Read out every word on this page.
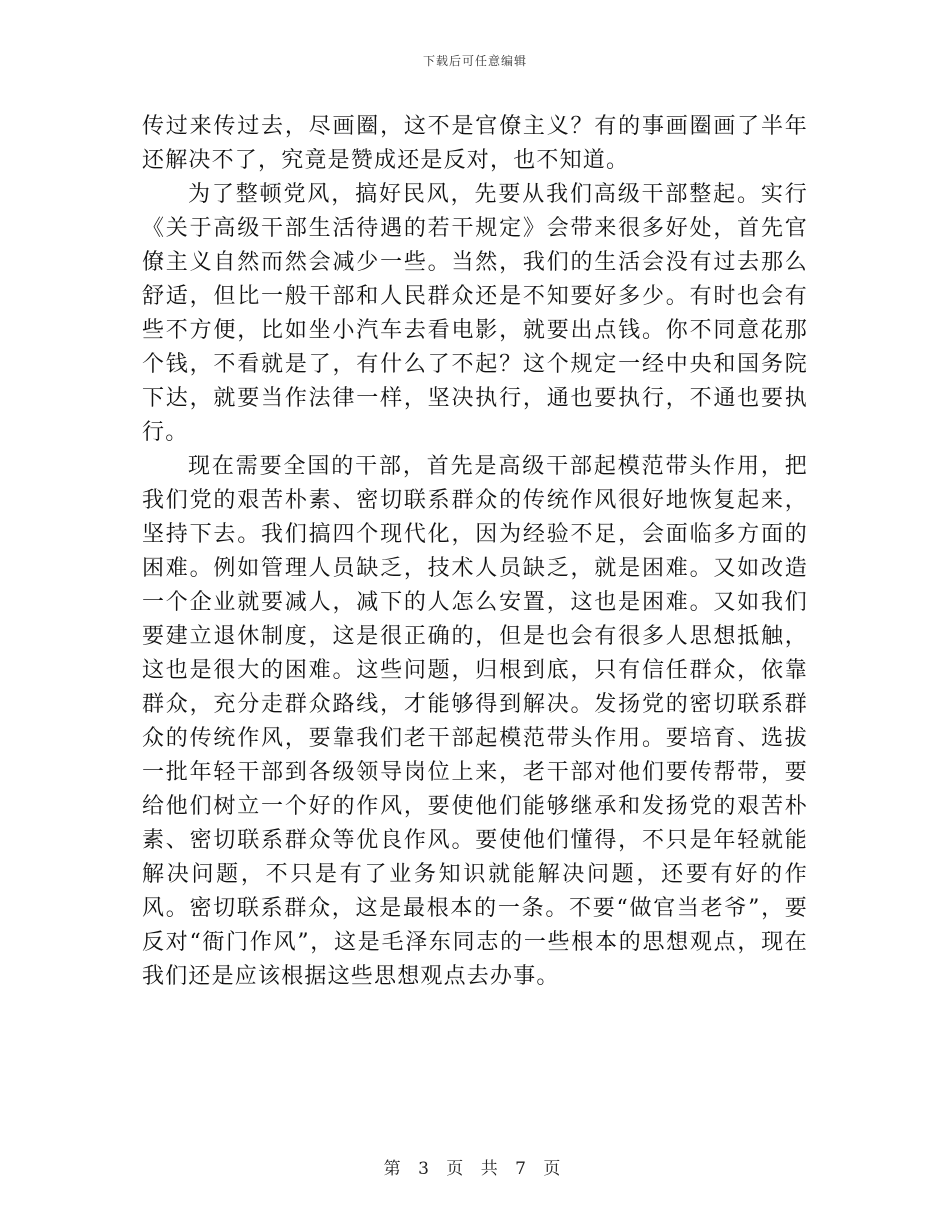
下载后可任意编辑

传过来传过去，尽画圈，这不是官僚主义？有的事画圈画了半年还解决不了，究竟是赞成还是反对，也不知道。

为了整顿党风，搞好民风，先要从我们高级干部整起。实行《关于高级干部生活待遇的若干规定》会带来很多好处，首先官僚主义自然而然会减少一些。当然，我们的生活会没有过去那么舒适，但比一般干部和人民群众还是不知要好多少。有时也会有些不方便，比如坐小汽车去看电影，就要出点钱。你不同意花那个钱，不看就是了，有什么了不起？这个规定一经中央和国务院下达，就要当作法律一样，坚决执行，通也要执行，不通也要执行。

现在需要全国的干部，首先是高级干部起模范带头作用，把我们党的艰苦朴素、密切联系群众的传统作风很好地恢复起来，坚持下去。我们搞四个现代化，因为经验不足，会面临多方面的困难。例如管理人员缺乏，技术人员缺乏，就是困难。又如改造一个企业就要减人，减下的人怎么安置，这也是困难。又如我们要建立退休制度，这是很正确的，但是也会有很多人思想抵触，这也是很大的困难。这些问题，归根到底，只有信任群众，依靠群众，充分走群众路线，才能够得到解决。发扬党的密切联系群众的传统作风，要靠我们老干部起模范带头作用。要培育、选拔一批年轻干部到各级领导岗位上来，老干部对他们要传帮带，要给他们树立一个好的作风，要使他们能够继承和发扬党的艰苦朴素、密切联系群众等优良作风。要使他们懂得，不只是年轻就能解决问题，不只是有了业务知识就能解决问题，还要有好的作风。密切联系群众，这是最根本的一条。不要“做官当老爷”，要反对“衙门作风”，这是毛泽东同志的一些根本的思想观点，现在我们还是应该根据这些思想观点去办事。

第 3 页 共 7 页
